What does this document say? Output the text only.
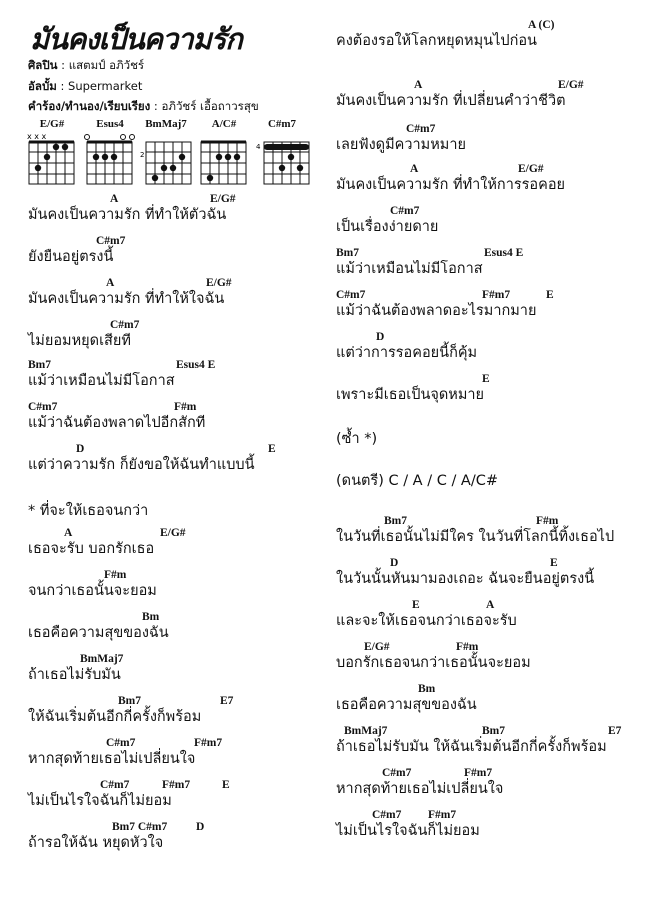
มันคงเป็นความรัก
ศิลปิน : แสตมป์ อภิวัชร์
อัลบั้ม : Supermarket
คำร้อง/ทำนอง/เรียบเรียง : อภิวัชร์ เอื้อถาวรสุข
E/G#
x x x
Esus4	BmMaj7
2
A/C#	C#m7
4
A	E/G#
มันคงเป็นความรัก ที่ทำให้ตัวฉัน
C#m7
ยังยืนอยู่ตรงนี้
A	E/G#
มันคงเป็นความรัก ที่ทำให้ใจฉัน
C#m7
ไม่ยอมหยุดเสียที
Bm7	Esus4 E
แม้ว่าเหมือนไม่มีโอกาส
C#m7	F#m
แม้ว่าฉันต้องพลาดไปอีกสักที
D	E
แต่ว่าความรัก ก็ยังขอให้ฉันทำแบบนี้
* ที่จะให้เธอจนกว่า
A	E/G#
เธอจะรับ บอกรักเธอ
F#m
จนกว่าเธอนั้นจะยอม
Bm
เธอคือความสุขของฉัน
BmMaj7
ถ้าเธอไม่รับมัน
Bm7	E7
ให้ฉันเริ่มต้นอีกกี่ครั้งก็พร้อม
C#m7	F#m7
หากสุดท้ายเธอไม่เปลี่ยนใจ
C#m7	F#m7	E
ไม่เป็นไรใจฉันก็ไม่ยอม
Bm7 C#m7 D
ถ้ารอให้ฉัน หยุดหัวใจ
A (C)
คงต้องรอให้โลกหยุดหมุนไปก่อน
A	E/G#
มันคงเป็นความรัก ที่เปลี่ยนคำว่าชีวิต
C#m7
เลยฟังดูมีความหมาย
A	E/G#
มันคงเป็นความรัก ที่ทำให้การรอคอย
C#m7
เป็นเรื่องง่ายดาย
Bm7	Esus4 E
แม้ว่าเหมือนไม่มีโอกาส
C#m7	F#m7	E
แม้ว่าฉันต้องพลาดอะไรมากมาย
D
แต่ว่าการรอคอยนี้ก็คุ้ม
E
เพราะมีเธอเป็นจุดหมาย
(ซ้ำ *)
(ดนตรี) C / A / C / A/C#
Bm7	F#m
ในวันที่เธอนั้นไม่มีใคร ในวันที่โลกนี้ทิ้งเธอไป
D	E
ในวันนั้นหันมามองเถอะ ฉันจะยืนอยู่ตรงนี้
E	A
และจะให้เธอจนกว่าเธอจะรับ
E/G#	F#m
บอกรักเธอจนกว่าเธอนั้นจะยอม
Bm
เธอคือความสุขของฉัน
BmMaj7	Bm7	E7
ถ้าเธอไม่รับมัน ให้ฉันเริ่มต้นอีกกี่ครั้งก็พร้อม
C#m7	F#m7
หากสุดท้ายเธอไม่เปลี่ยนใจ
C#m7 F#m7
ไม่เป็นไรใจฉันก็ไม่ยอม
